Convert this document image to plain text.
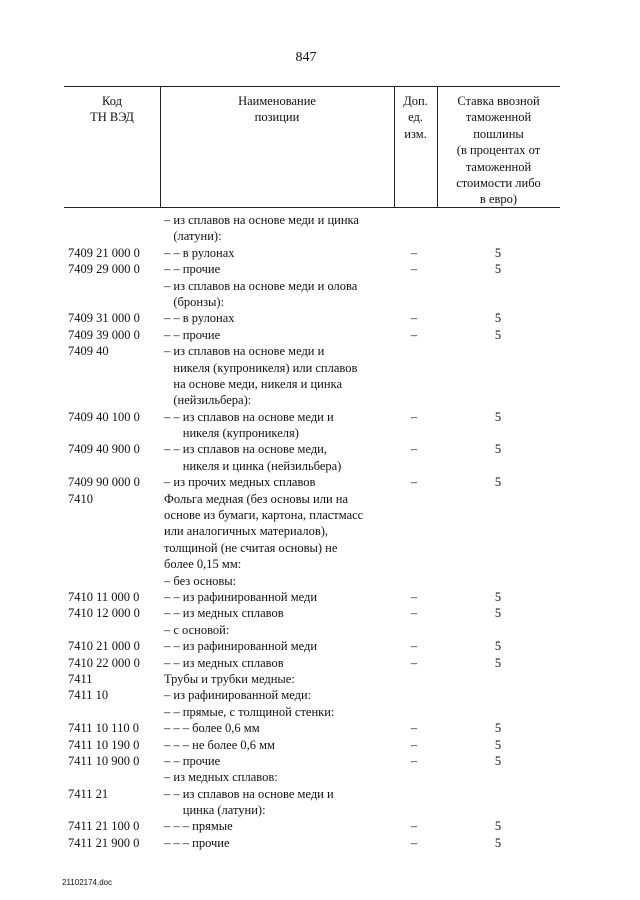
847
Код
ТН ВЭД
Наименование
позиции
Доп.
ед.
изм.
Ставка ввозной
таможенной
пошлины
(в процентах от
таможенной
стоимости либо
в евро)
– из сплавов на основе меди и цинка
(латуни):
7409 21 000 0 – – в рулонах	–	5
7409 29 000 0 – – прочие	–	5
– из сплавов на основе меди и олова
(бронзы):
7409 31 000 0 – – в рулонах	–	5
7409 39 000 0 – – прочие	–	5
7409 40	– из сплавов на основе меди и
никеля (купроникеля) или сплавов
на основе меди, никеля и цинка
(нейзильбера):
7409 40 100 0 – – из сплавов на основе меди и	–	5
никеля (купроникеля)
7409 40 900 0 – – из сплавов на основе меди,	–	5
никеля и цинка (нейзильбера)
7409 90 000 0 – из прочих медных сплавов	–	5
7410	Фольга медная (без основы или на
основе из бумаги, картона, пластмасс
или аналогичных материалов),
толщиной (не считая основы) не
более 0,15 мм:
– без основы:
7410 11 000 0 – – из рафинированной меди	–	5
7410 12 000 0 – – из медных сплавов	–	5
– с основой:
7410 21 000 0 – – из рафинированной меди	–	5
7410 22 000 0 – – из медных сплавов	–	5
7411	Трубы и трубки медные:
7411 10	– из рафинированной меди:
– – прямые, с толщиной стенки:
7411 10 110 0 – – – более 0,6 мм	–	5
7411 10 190 0 – – – не более 0,6 мм	–	5
7411 10 900 0 – – прочие	–	5
– из медных сплавов:
7411 21	– – из сплавов на основе меди и
цинка (латуни):
7411 21 100 0 – – – прямые	–	5
7411 21 900 0 – – – прочие	–	5
21102174.doc
